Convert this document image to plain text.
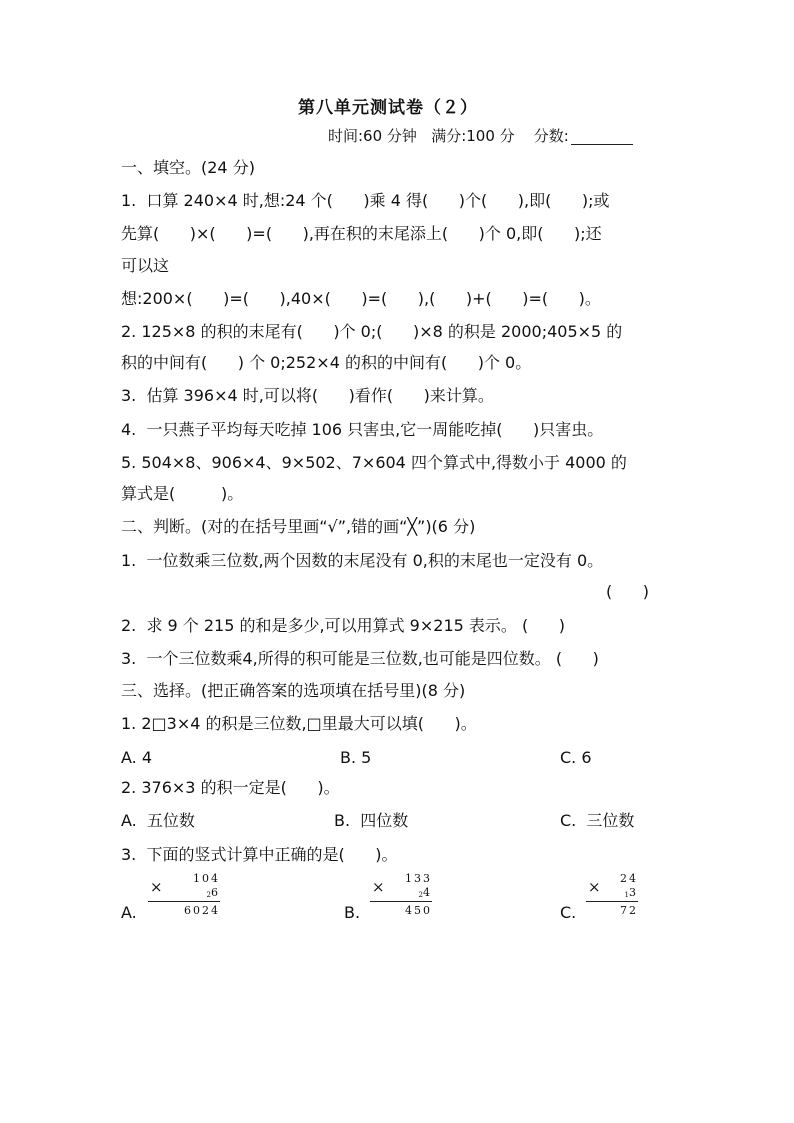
第八单元测试卷（２）
时间:60 分钟   满分:100 分    分数:
一、填空。(24 分)
1.  口算 240×4 时,想:24 个(      )乘 4 得(      )个(      ),即(      );或
先算(      )×(      )=(      ),再在积的末尾添上(      )个 0,即(      );还
可以这
想:200×(      )=(      ),40×(      )=(      ),(      )+(      )=(      )。
2. 125×8 的积的末尾有(      )个 0;(      )×8 的积是 2000;405×5 的
积的中间有(      ) 个 0;252×4 的积的中间有(      )个 0。
3.  估算 396×4 时,可以将(      )看作(      )来计算。
4.  一只燕子平均每天吃掉 106 只害虫,它一周能吃掉(      )只害虫。
5. 504×8、906×4、9×502、7×604 四个算式中,得数小于 4000 的
算式是(         )。
二、判断。(对的在括号里画“√”,错的画“╳”)(6 分)
1.  一位数乘三位数,两个因数的末尾没有 0,积的末尾也一定没有 0。
(      )
2.  求 9 个 215 的和是多少,可以用算式 9×215 表示。 (      )
3.  一个三位数乘4,所得的积可能是三位数,也可能是四位数。 (      )
三、选择。(把正确答案的选项填在括号里)(8 分)
1. 2□3×4 的积是三位数,□里最大可以填(      )。
A. 4	B. 5	C. 6
2. 376×3 的积一定是(      )。
A.  五位数	B.  四位数	C.  三位数
3.  下面的竖式计算中正确的是(      )。
A.
104
×	26
6024	B.
133
×	24
450	C.
24
×	13
72
